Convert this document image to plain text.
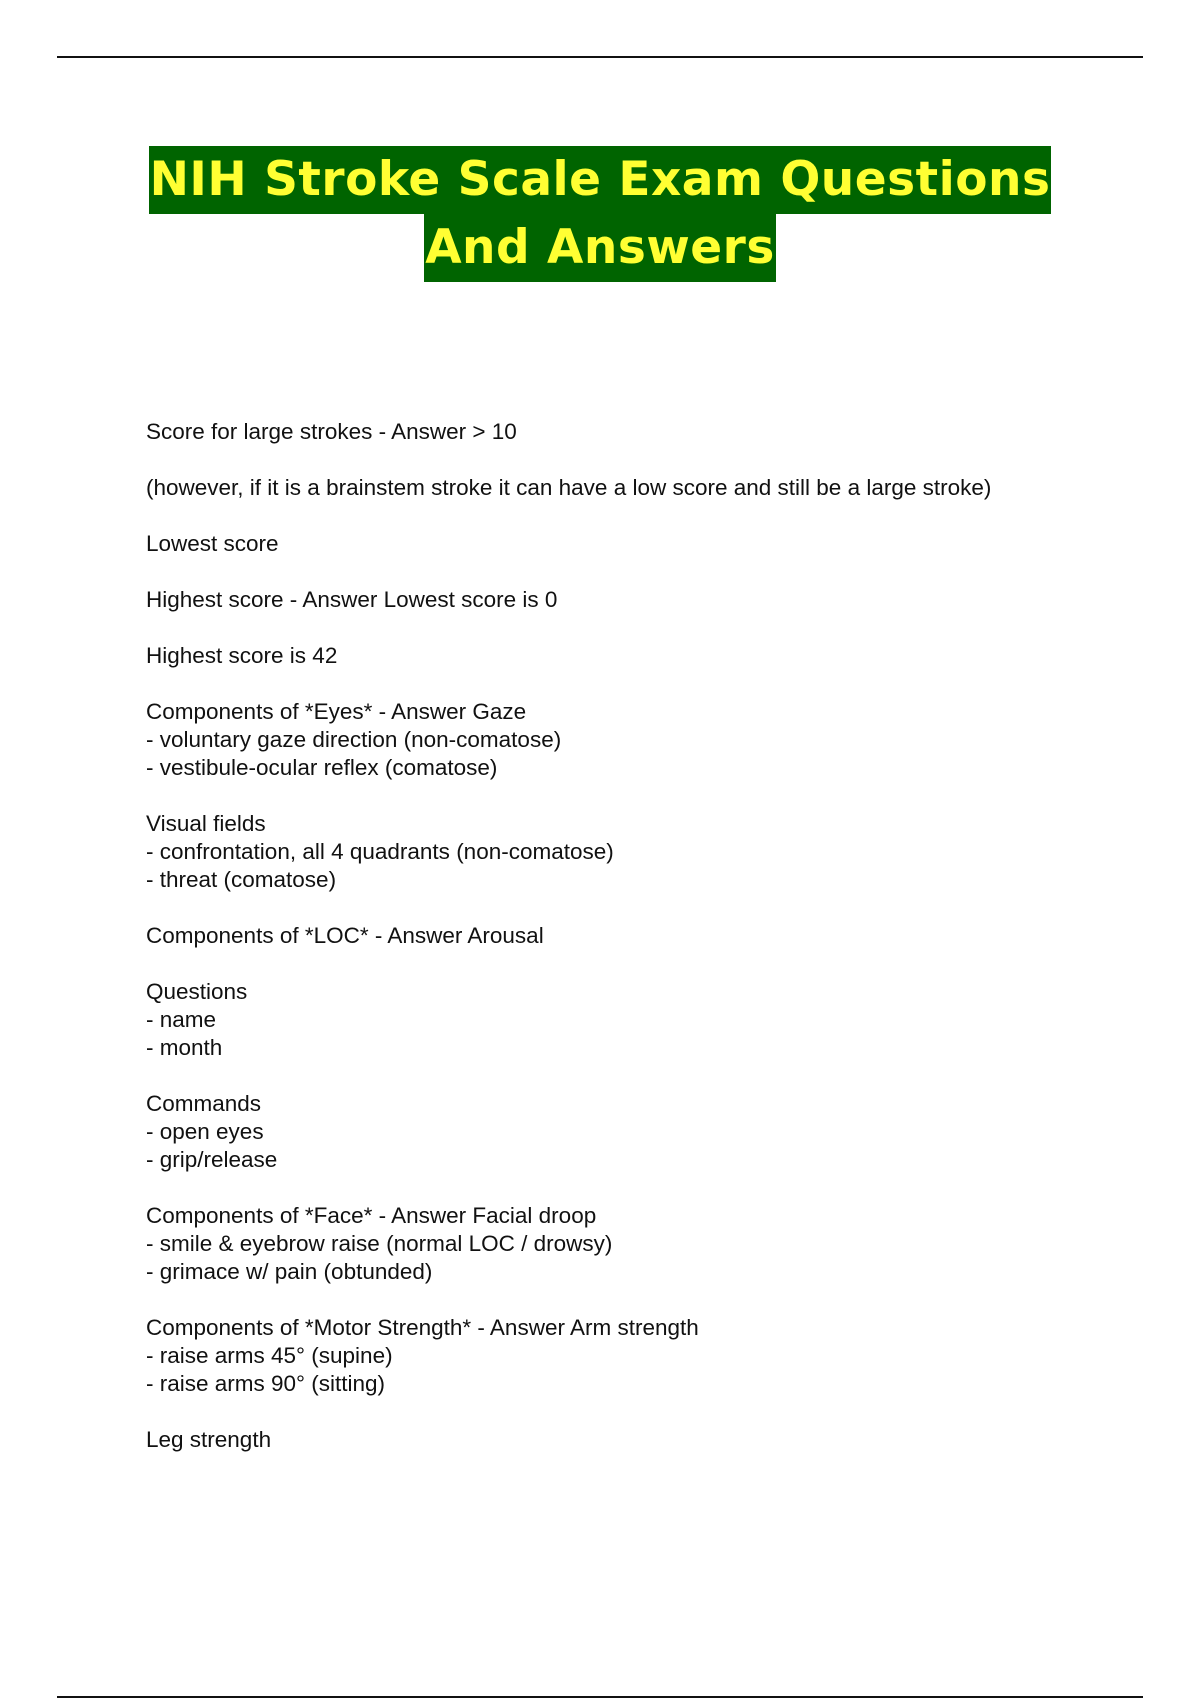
NIH Stroke Scale Exam Questions
And Answers
Score for large strokes - Answer > 10
(however, if it is a brainstem stroke it can have a low score and still be a large stroke)
Lowest score
Highest score - Answer Lowest score is 0
Highest score is 42
Components of *Eyes* - Answer Gaze
- voluntary gaze direction (non-comatose)
- vestibule-ocular reflex (comatose)
Visual fields
- confrontation, all 4 quadrants (non-comatose)
- threat (comatose)
Components of *LOC* - Answer Arousal
Questions
- name
- month
Commands
- open eyes
- grip/release
Components of *Face* - Answer Facial droop
- smile & eyebrow raise (normal LOC / drowsy)
- grimace w/ pain (obtunded)
Components of *Motor Strength* - Answer Arm strength
- raise arms 45° (supine)
- raise arms 90° (sitting)
Leg strength
